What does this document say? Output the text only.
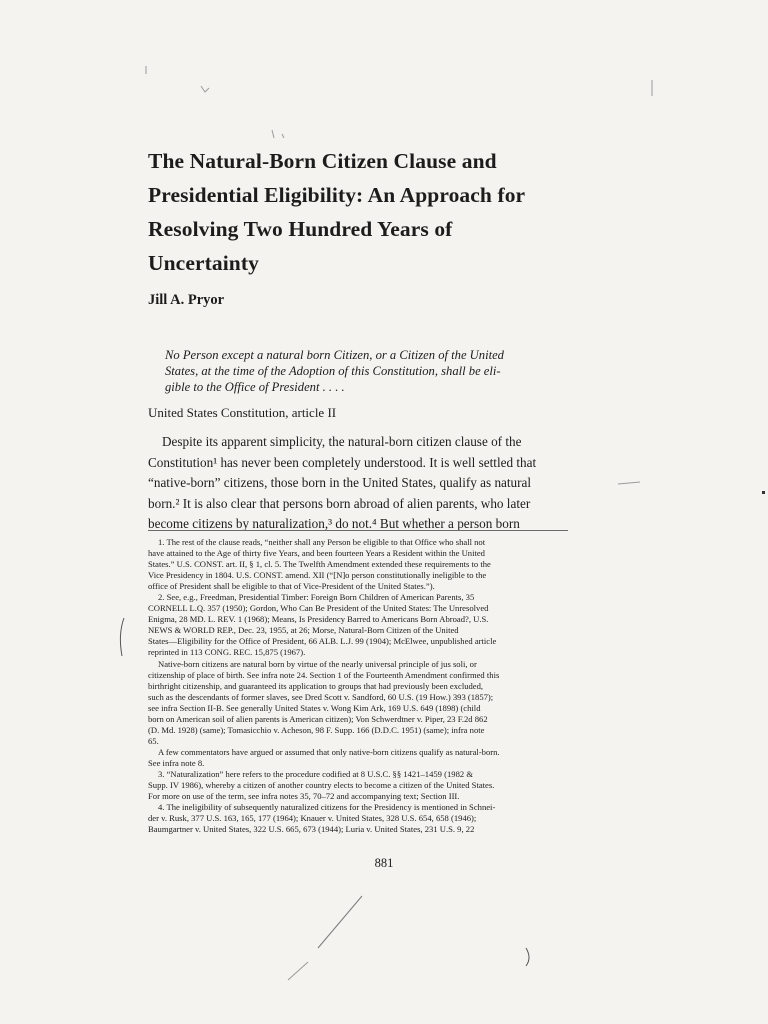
The Natural-Born Citizen Clause and
Presidential Eligibility: An Approach for
Resolving Two Hundred Years of
Uncertainty

Jill A. Pryor

No Person except a natural born Citizen, or a Citizen of the United
States, at the time of the Adoption of this Constitution, shall be eli-
gible to the Office of President . . . .

United States Constitution, article II

Despite its apparent simplicity, the natural-born citizen clause of the
Constitution¹ has never been completely understood. It is well settled that
“native-born” citizens, those born in the United States, qualify as natural
born.² It is also clear that persons born abroad of alien parents, who later
become citizens by naturalization,³ do not.⁴ But whether a person born
1. The rest of the clause reads, “neither shall any Person be eligible to that Office who shall not
have attained to the Age of thirty five Years, and been fourteen Years a Resident within the United
States.” U.S. CONST. art. II, § 1, cl. 5. The Twelfth Amendment extended these requirements to the
Vice Presidency in 1804. U.S. CONST. amend. XII (“[N]o person constitutionally ineligible to the
office of President shall be eligible to that of Vice-President of the United States.”).
2. See, e.g., Freedman, Presidential Timber: Foreign Born Children of American Parents, 35
CORNELL L.Q. 357 (1950); Gordon, Who Can Be President of the United States: The Unresolved
Enigma, 28 MD. L. REV. 1 (1968); Means, Is Presidency Barred to Americans Born Abroad?, U.S.
NEWS & WORLD REP., Dec. 23, 1955, at 26; Morse, Natural-Born Citizen of the United
States—Eligibility for the Office of President, 66 ALB. L.J. 99 (1904); McElwee, unpublished article
reprinted in 113 CONG. REC. 15,875 (1967).
Native-born citizens are natural born by virtue of the nearly universal principle of jus soli, or
citizenship of place of birth. See infra note 24. Section 1 of the Fourteenth Amendment confirmed this
birthright citizenship, and guaranteed its application to groups that had previously been excluded,
such as the descendants of former slaves, see Dred Scott v. Sandford, 60 U.S. (19 How.) 393 (1857);
see infra Section II-B. See generally United States v. Wong Kim Ark, 169 U.S. 649 (1898) (child
born on American soil of alien parents is American citizen); Von Schwerdtner v. Piper, 23 F.2d 862
(D. Md. 1928) (same); Tomasicchio v. Acheson, 98 F. Supp. 166 (D.D.C. 1951) (same); infra note
65.
A few commentators have argued or assumed that only native-born citizens qualify as natural-born.
See infra note 8.
3. “Naturalization” here refers to the procedure codified at 8 U.S.C. §§ 1421–1459 (1982 &
Supp. IV 1986), whereby a citizen of another country elects to become a citizen of the United States.
For more on use of the term, see infra notes 35, 70–72 and accompanying text; Section III.
4. The ineligibility of subsequently naturalized citizens for the Presidency is mentioned in Schnei-
der v. Rusk, 377 U.S. 163, 165, 177 (1964); Knauer v. United States, 328 U.S. 654, 658 (1946);
Baumgartner v. United States, 322 U.S. 665, 673 (1944); Luria v. United States, 231 U.S. 9, 22

881
